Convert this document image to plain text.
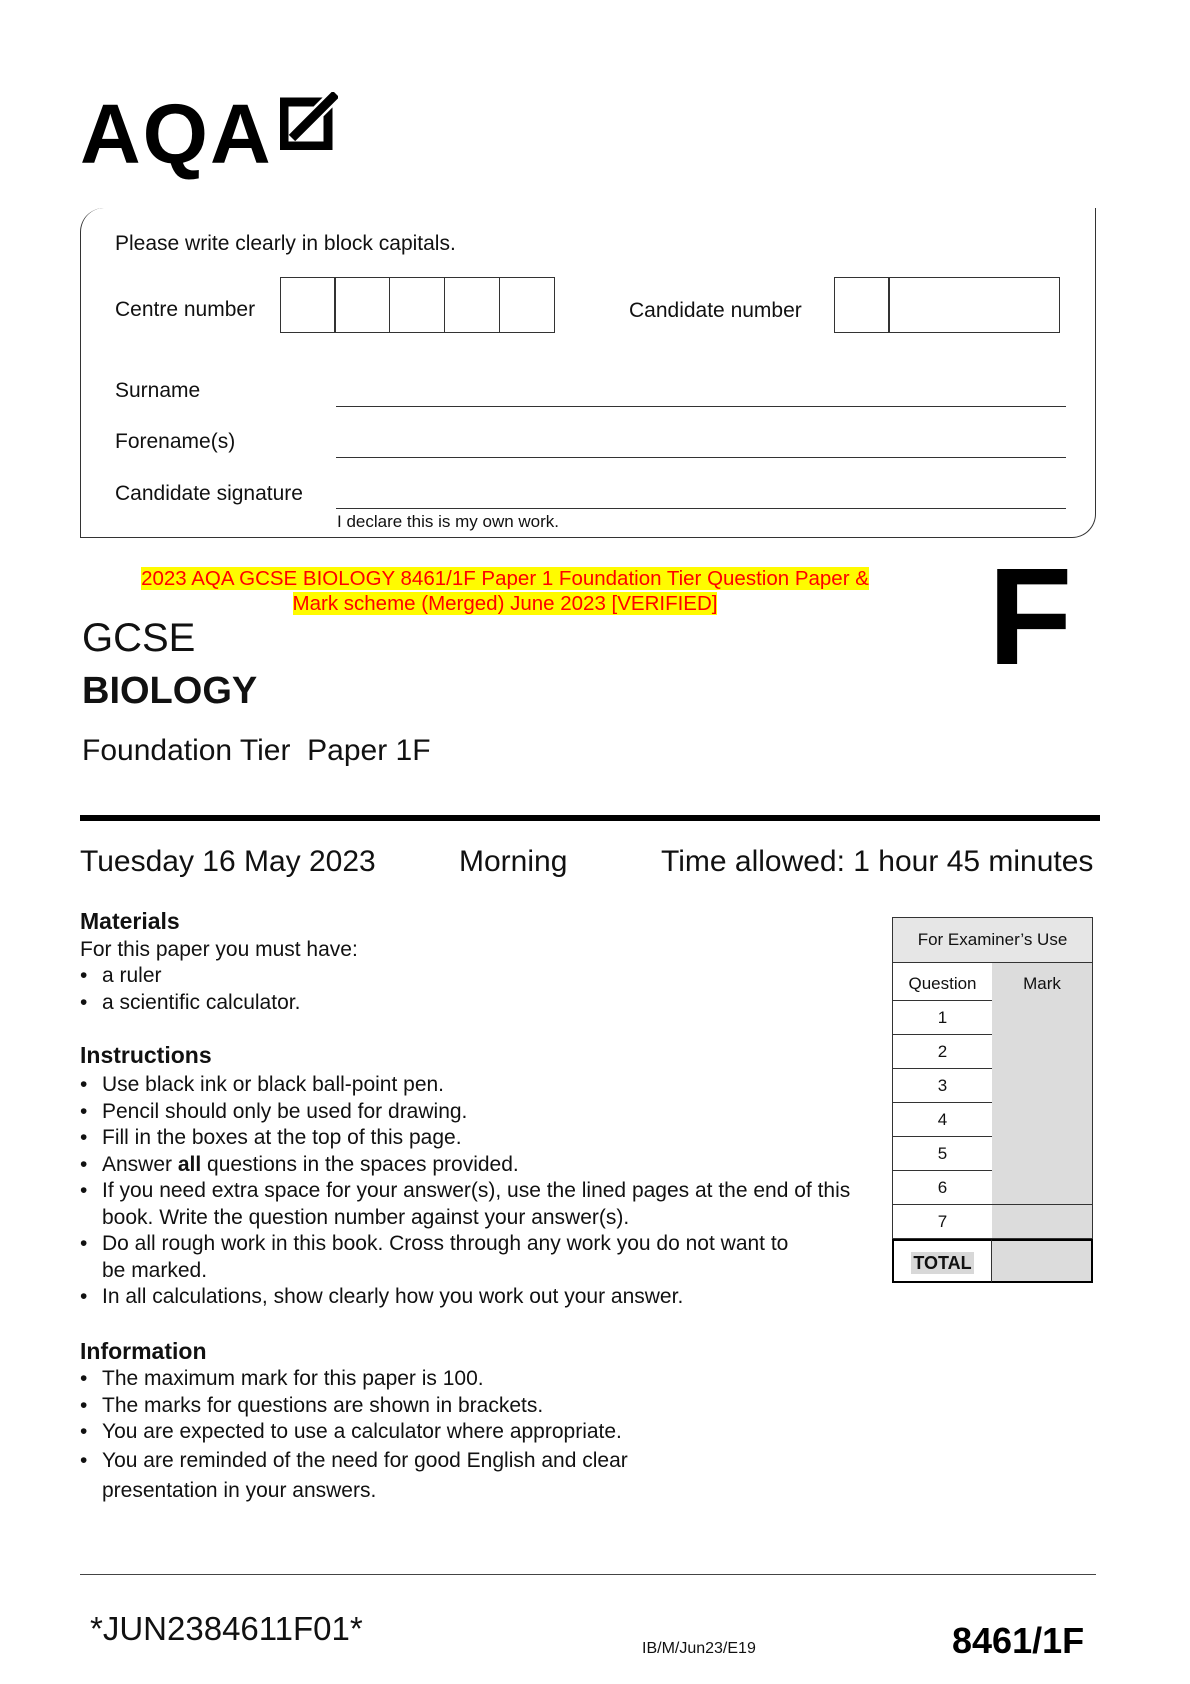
AQA
Please write clearly in block capitals.
Centre number	Candidate number
Surname
Forename(s)
Candidate signature
I declare this is my own work.
2023 AQA GCSE BIOLOGY 8461/1F Paper 1 Foundation Tier Question Paper &
Mark scheme (Merged) June 2023 [VERIFIED]	F
GCSE
BIOLOGY
Foundation Tier  Paper 1F
Tuesday 16 May 2023	Morning	Time allowed: 1 hour 45 minutes
Materials
For this paper you must have:
• a ruler
• a scientific calculator.
Instructions
• Use black ink or black ball-point pen.
• Pencil should only be used for drawing.
• Fill in the boxes at the top of this page.
• Answer all questions in the spaces provided.
• If you need extra space for your answer(s), use the lined pages at the end of this book. Write the question number against your answer(s).
• Do all rough work in this book. Cross through any work you do not want to be marked.
• In all calculations, show clearly how you work out your answer.
Information
• The maximum mark for this paper is 100.
• The marks for questions are shown in brackets.
• You are expected to use a calculator where appropriate.
• You are reminded of the need for good English and clear presentation in your answers.
For Examiner’s Use
Question	Mark
1
2
3
4
5
6
7
TOTAL
*JUN2384611F01*
IB/M/Jun23/E19	8461/1F
